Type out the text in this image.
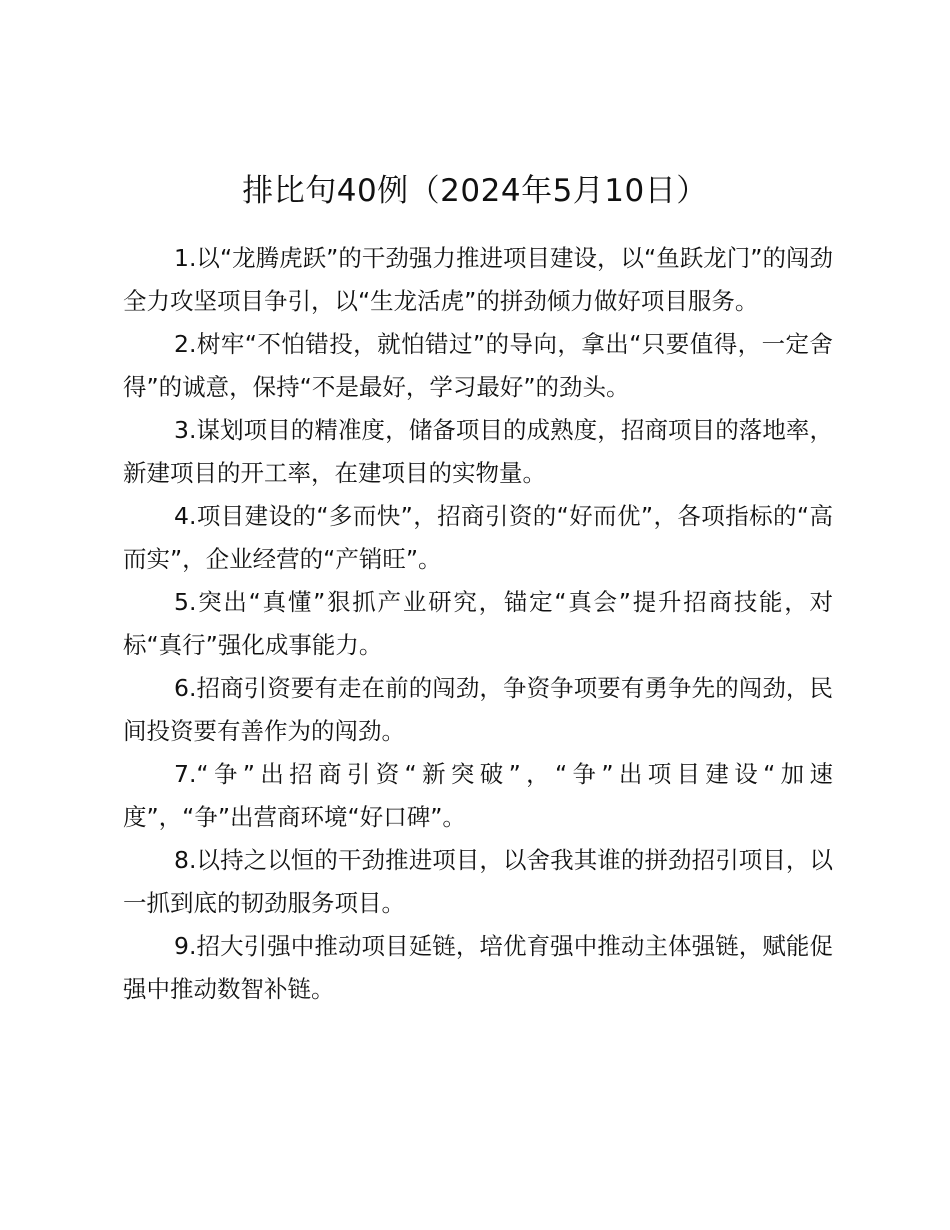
排比句40例（2024年5月10日）

1.以“龙腾虎跃”的干劲强力推进项目建设，以“鱼跃龙门”的闯劲全力攻坚项目争引，以“生龙活虎”的拼劲倾力做好项目服务。

2.树牢“不怕错投，就怕错过”的导向，拿出“只要值得，一定舍得”的诚意，保持“不是最好，学习最好”的劲头。

3.谋划项目的精准度，储备项目的成熟度，招商项目的落地率，新建项目的开工率，在建项目的实物量。

4.项目建设的“多而快”，招商引资的“好而优”，各项指标的“高而实”，企业经营的“产销旺”。

5.突出“真懂”狠抓产业研究，锚定“真会”提升招商技能，对标“真行”强化成事能力。

6.招商引资要有走在前的闯劲，争资争项要有勇争先的闯劲，民间投资要有善作为的闯劲。

7.“争”出招商引资“新突破”，“争”出项目建设“加速度”，“争”出营商环境“好口碑”。

8.以持之以恒的干劲推进项目，以舍我其谁的拼劲招引项目，以一抓到底的韧劲服务项目。

9.招大引强中推动项目延链，培优育强中推动主体强链，赋能促强中推动数智补链。
